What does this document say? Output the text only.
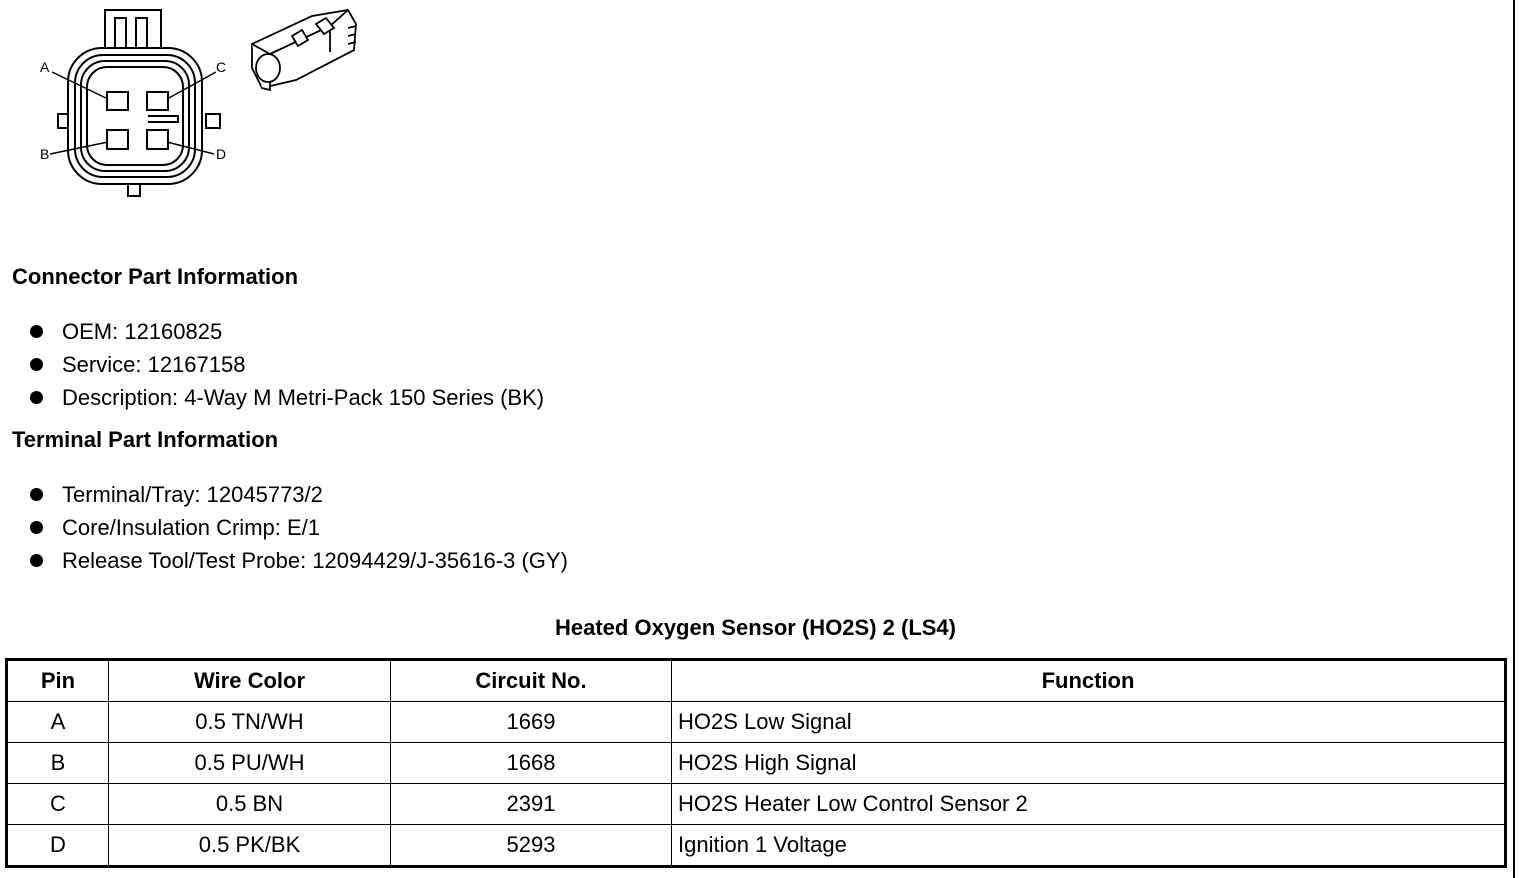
A	C
B	D
Connector Part Information
OEM: 12160825
Service: 12167158
Description: 4-Way M Metri-Pack 150 Series (BK)
Terminal Part Information
Terminal/Tray: 12045773/2
Core/Insulation Crimp: E/1
Release Tool/Test Probe: 12094429/J-35616-3 (GY)
Heated Oxygen Sensor (HO2S) 2 (LS4)
Pin	Wire Color	Circuit No.	Function
A	0.5 TN/WH	1669	HO2S Low Signal
B	0.5 PU/WH	1668	HO2S High Signal
C	0.5 BN	2391	HO2S Heater Low Control Sensor 2
D	0.5 PK/BK	5293	Ignition 1 Voltage
